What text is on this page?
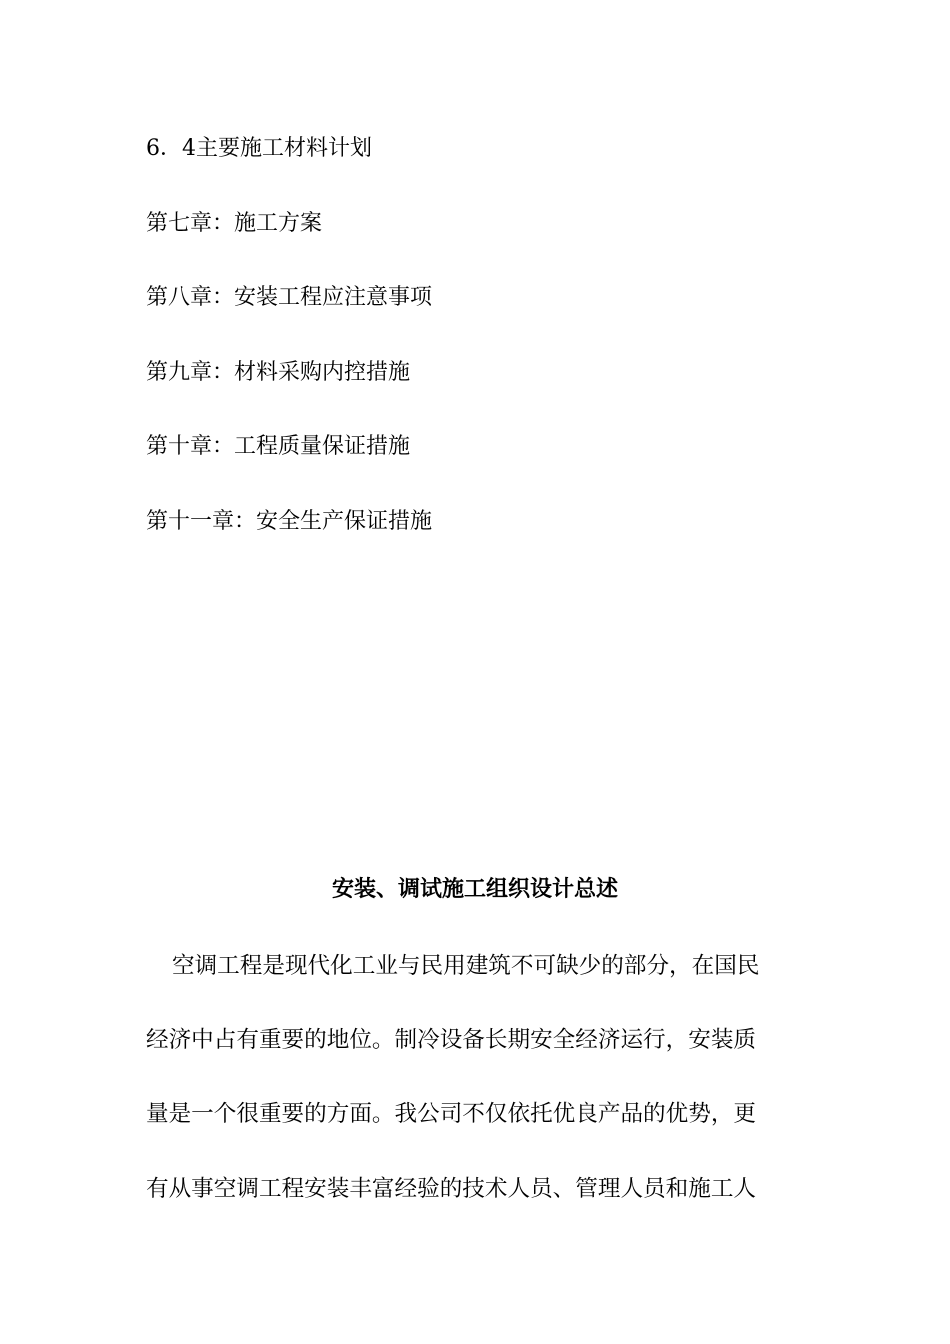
6．4主要施工材料计划
第七章：施工方案
第八章：安装工程应注意事项
第九章：材料采购内控措施
第十章：工程质量保证措施
第十一章：安全生产保证措施
安装、调试施工组织设计总述
空调工程是现代化工业与民用建筑不可缺少的部分，在国民
经济中占有重要的地位。制冷设备长期安全经济运行，安装质
量是一个很重要的方面。我公司不仅依托优良产品的优势，更
有从事空调工程安装丰富经验的技术人员、管理人员和施工人
